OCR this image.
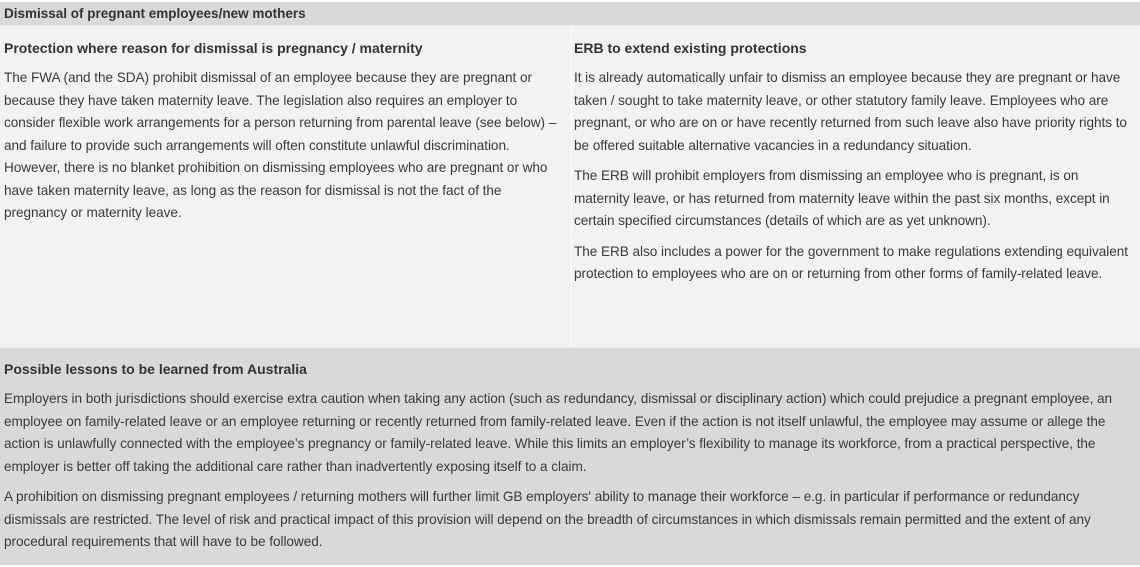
Dismissal of pregnant employees/new mothers
Protection where reason for dismissal is pregnancy / maternity

The FWA (and the SDA) prohibit dismissal of an employee because they are pregnant or because they have taken maternity leave. The legislation also requires an employer to consider flexible work arrangements for a person returning from parental leave (see below) – and failure to provide such arrangements will often constitute unlawful discrimination. However, there is no blanket prohibition on dismissing employees who are pregnant or who have taken maternity leave, as long as the reason for dismissal is not the fact of the pregnancy or maternity leave.

ERB to extend existing protections

It is already automatically unfair to dismiss an employee because they are pregnant or have taken / sought to take maternity leave, or other statutory family leave. Employees who are pregnant, or who are on or have recently returned from such leave also have priority rights to be offered suitable alternative vacancies in a redundancy situation.

The ERB will prohibit employers from dismissing an employee who is pregnant, is on maternity leave, or has returned from maternity leave within the past six months, except in certain specified circumstances (details of which are as yet unknown).

The ERB also includes a power for the government to make regulations extending equivalent protection to employees who are on or returning from other forms of family-related leave.

Possible lessons to be learned from Australia

Employers in both jurisdictions should exercise extra caution when taking any action (such as redundancy, dismissal or disciplinary action) which could prejudice a pregnant employee, an employee on family-related leave or an employee returning or recently returned from family-related leave. Even if the action is not itself unlawful, the employee may assume or allege the action is unlawfully connected with the employee’s pregnancy or family-related leave. While this limits an employer’s flexibility to manage its workforce, from a practical perspective, the employer is better off taking the additional care rather than inadvertently exposing itself to a claim.

A prohibition on dismissing pregnant employees / returning mothers will further limit GB employers' ability to manage their workforce – e.g. in particular if performance or redundancy dismissals are restricted. The level of risk and practical impact of this provision will depend on the breadth of circumstances in which dismissals remain permitted and the extent of any procedural requirements that will have to be followed.
